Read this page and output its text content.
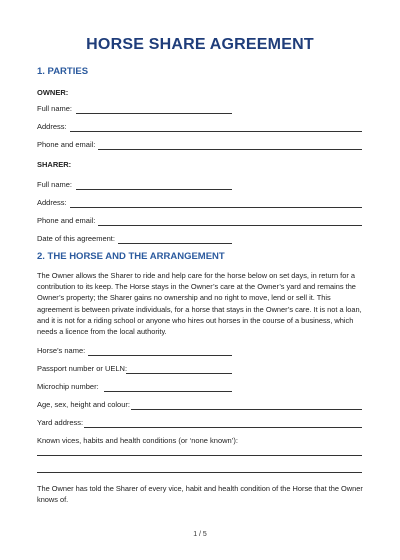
HORSE SHARE AGREEMENT
1. PARTIES
OWNER:
Full name:
Address:
Phone and email:
SHARER:
Full name:
Address:
Phone and email:
Date of this agreement:
2. THE HORSE AND THE ARRANGEMENT
The Owner allows the Sharer to ride and help care for the horse below on set days, in return for a contribution to its keep. The Horse stays in the Owner’s care at the Owner’s yard and remains the Owner’s property; the Sharer gains no ownership and no right to move, lend or sell it. This agreement is between private individuals, for a horse that stays in the Owner’s care. It is not a loan, and it is not for a riding school or anyone who hires out horses in the course of a business, which needs a licence from the local authority.
Horse’s name:
Passport number or UELN:
Microchip number:
Age, sex, height and colour:
Yard address:
Known vices, habits and health conditions (or ‘none known’):
The Owner has told the Sharer of every vice, habit and health condition of the Horse that the Owner knows of.
1 / 5
